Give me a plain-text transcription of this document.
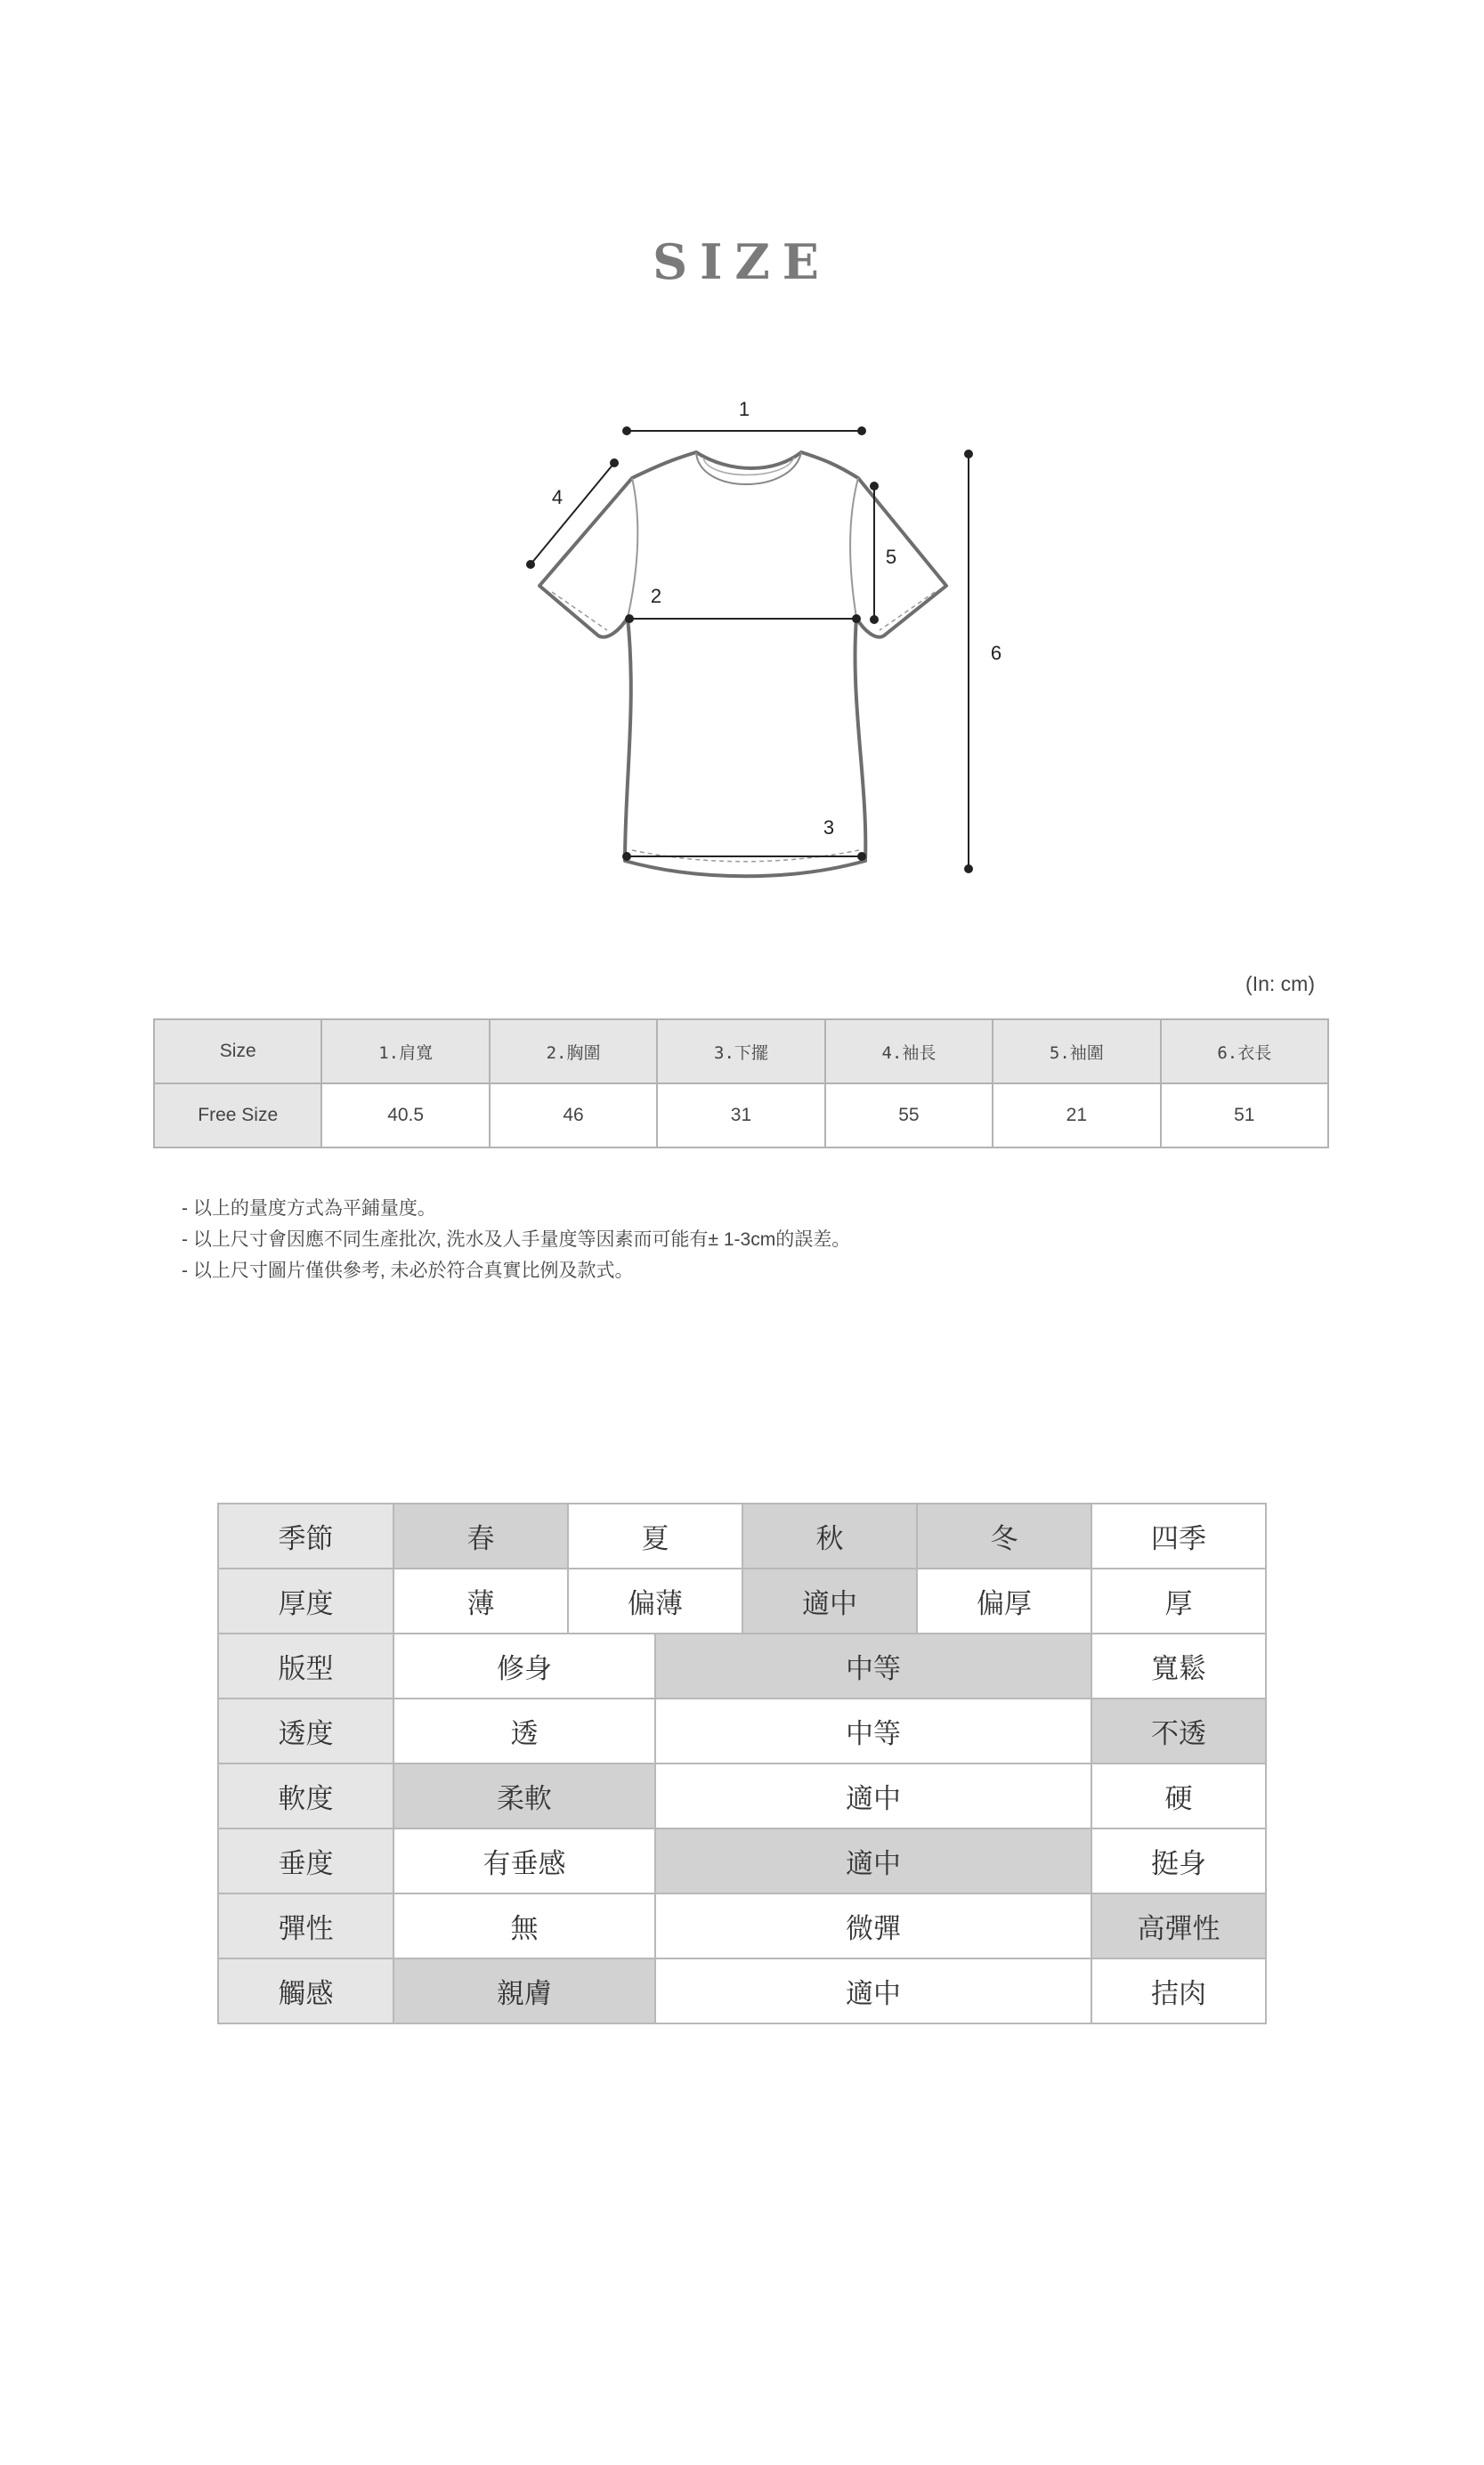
SIZE
1
2
3
4
5
6
(In: cm)
Size	1.肩寬	2.胸圍	3.下擺	4.袖長	5.袖圍	6.衣長
Free Size	40.5	46	31	55	21	51
- 以上的量度方式為平鋪量度。
- 以上尺寸會因應不同生產批次, 洗水及人手量度等因素而可能有± 1-3cm的誤差。
- 以上尺寸圖片僅供參考, 未必於符合真實比例及款式。
季節	春	夏		秋	冬	四季
厚度	薄	偏薄		適中	偏厚	厚
版型	修身		中等			寬鬆
透度	透		中等			不透
軟度	柔軟		適中			硬
垂度	有垂感		適中			挺身
彈性	無		微彈			高彈性
觸感	親膚		適中			拮肉
